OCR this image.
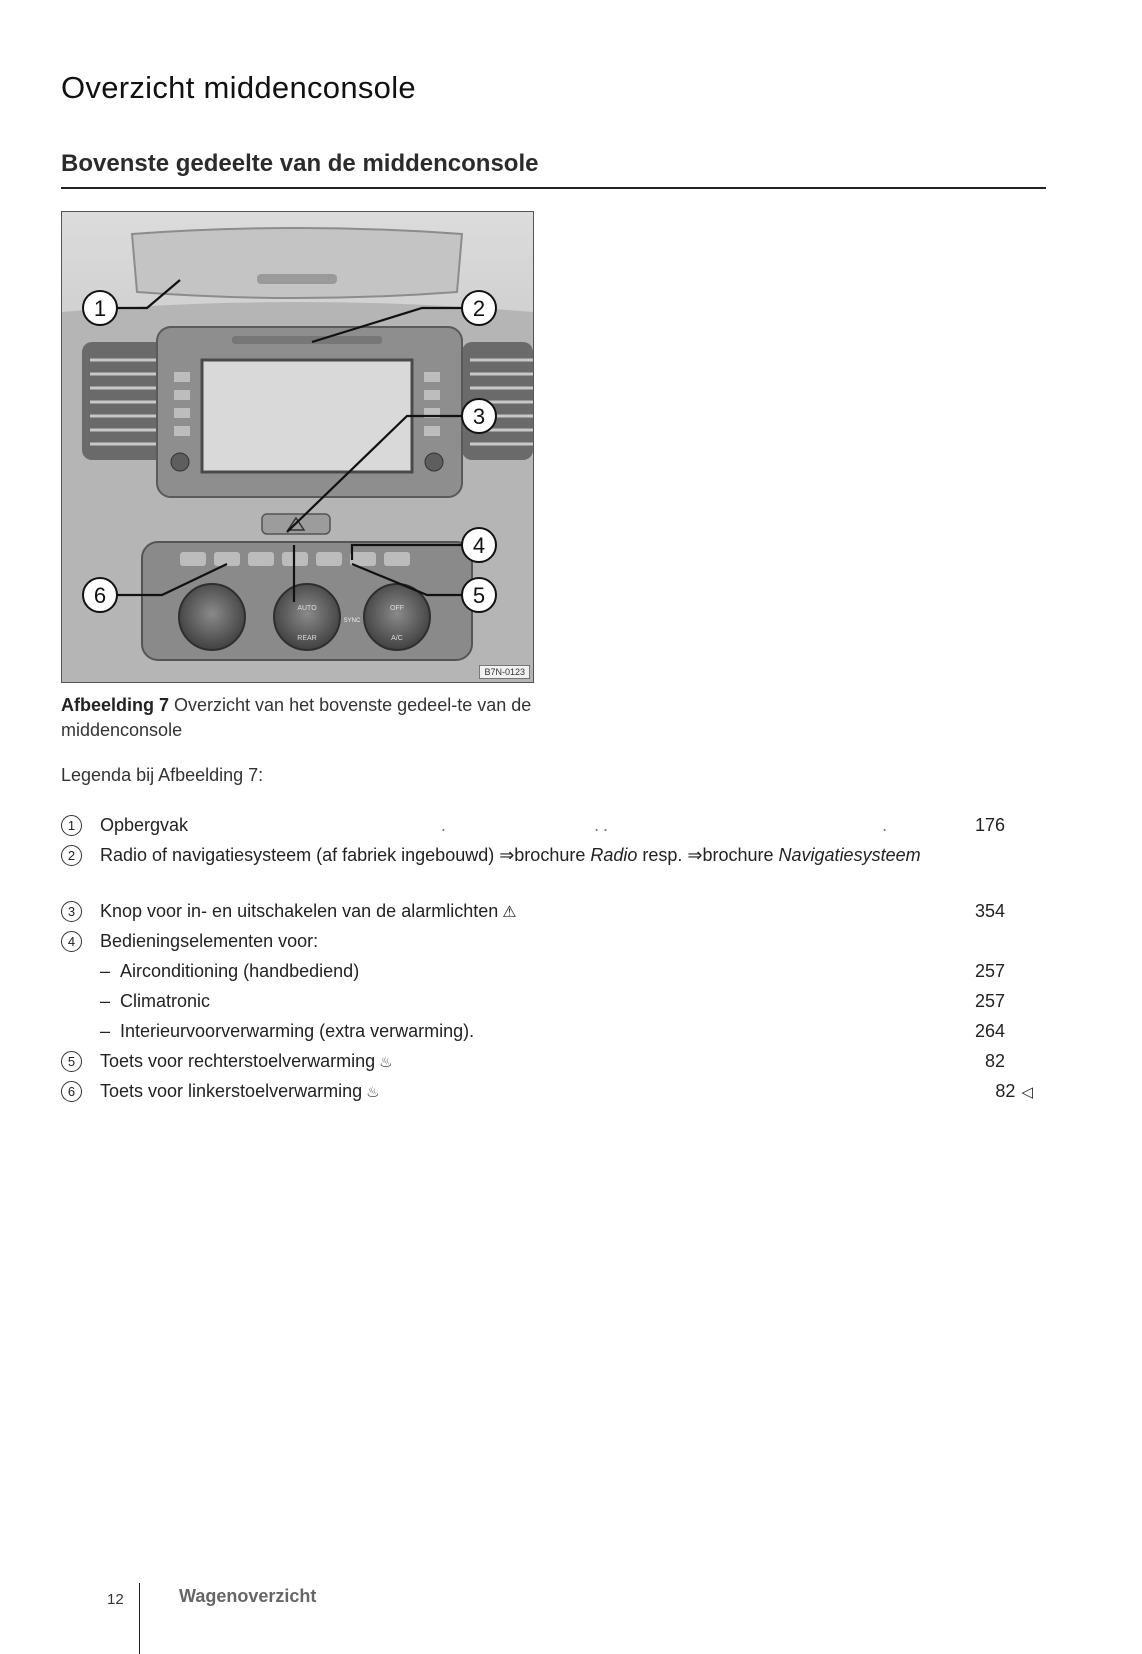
Overzicht middenconsole
Bovenste gedeelte van de middenconsole
AUTO
REAR
SYNC
OFF
A/C
1	2
3
4
5
6
B7N-0123

Afbeelding 7 Overzicht van het bovenste gedeel-te van de middenconsole

Legenda bij Afbeelding 7:

1	Opbergvak	.                ..                              .	176
2	Radio of navigatiesysteem (af fabriek ingebouwd) ⇒brochure Radio resp. ⇒brochure Navigatiesysteem
3	Knop voor in- en uitschakelen van de alarmlichten ⚠	354
4	Bedieningselementen voor:
– Airconditioning (handbediend)	257
– Climatronic	257
– Interieurvoorverwarming (extra verwarming).	264
5	Toets voor rechterstoelverwarming ♨	82
6	Toets voor linkerstoelverwarming ♨	82 ◁
12	Wagenoverzicht
